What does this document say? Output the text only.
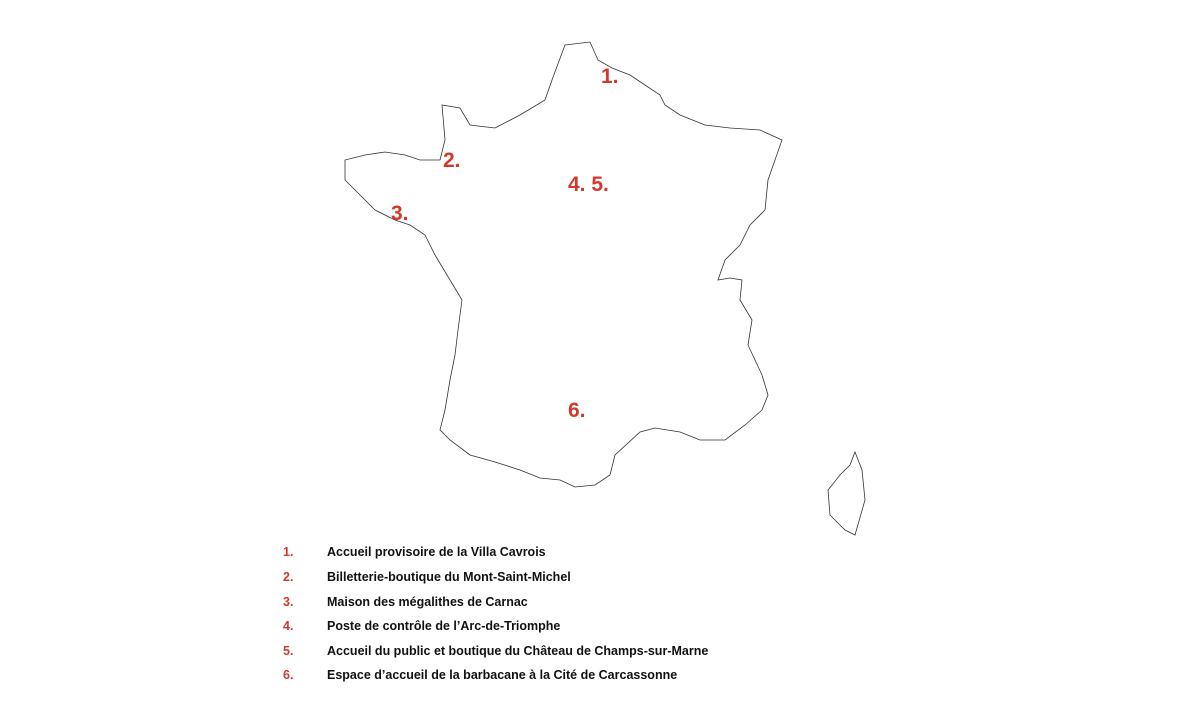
1.
2.
3.
4. 5.
6.
1.	Accueil provisoire de la Villa Cavrois
2.	Billetterie-boutique du Mont-Saint-Michel
3.	Maison des mégalithes de Carnac
4.	Poste de contrôle de l’Arc-de-Triomphe
5.	Accueil du public et boutique du Château de Champs-sur-Marne
6.	Espace d’accueil de la barbacane à la Cité de Carcassonne
